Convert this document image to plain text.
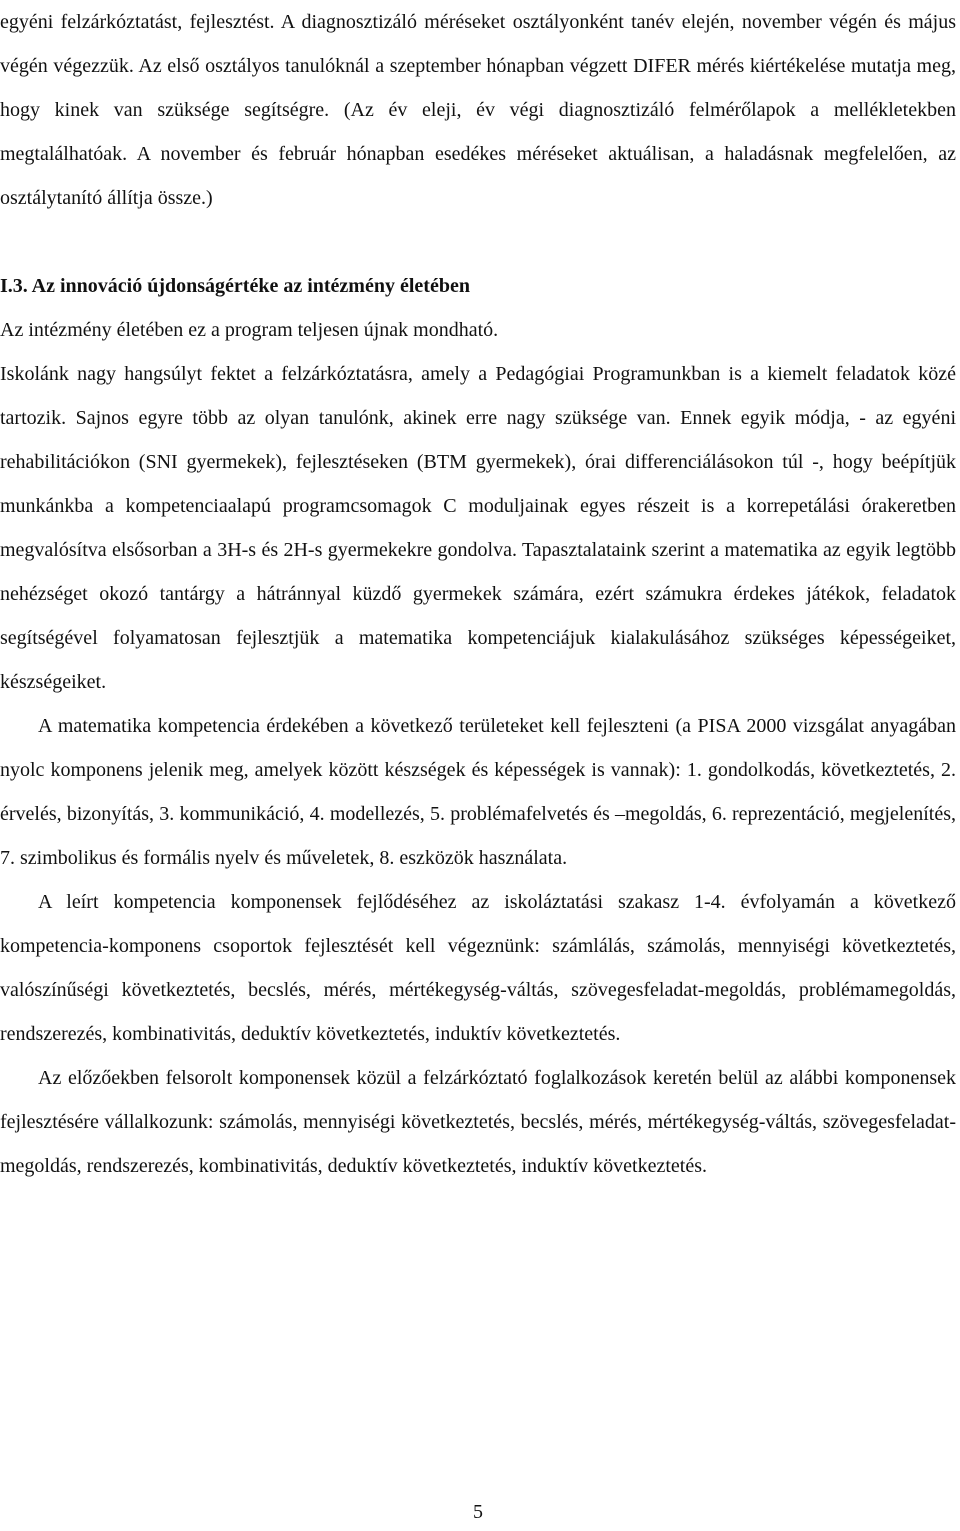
egyéni felzárkóztatást, fejlesztést. A diagnosztizáló méréseket osztályonként tanév elején, november végén és május végén végezzük. Az első osztályos tanulóknál a szeptember hónapban végzett DIFER mérés kiértékelése mutatja meg, hogy kinek van szüksége segítségre. (Az év eleji, év végi diagnosztizáló felmérőlapok a mellékletekben megtalálhatóak. A november és február hónapban esedékes méréseket aktuálisan, a haladásnak megfelelően, az osztálytanító állítja össze.)

I.3. Az innováció újdonságértéke az intézmény életében

Az intézmény életében ez a program teljesen újnak mondható.

Iskolánk nagy hangsúlyt fektet a felzárkóztatásra, amely a Pedagógiai Programunkban is a kiemelt feladatok közé tartozik. Sajnos egyre több az olyan tanulónk, akinek erre nagy szüksége van. Ennek egyik módja, - az egyéni rehabilitációkon (SNI gyermekek), fejlesztéseken (BTM gyermekek), órai differenciálásokon túl -, hogy beépítjük munkánkba a kompetenciaalapú programcsomagok C moduljainak egyes részeit is a korrepetálási órakeretben megvalósítva elsősorban a 3H-s és 2H-s gyermekekre gondolva. Tapasztalataink szerint a matematika az egyik legtöbb nehézséget okozó tantárgy a hátránnyal küzdő gyermekek számára, ezért számukra érdekes játékok, feladatok segítségével folyamatosan fejlesztjük a matematika kompetenciájuk kialakulásához szükséges képességeiket, készségeiket.

A matematika kompetencia érdekében a következő területeket kell fejleszteni (a PISA 2000 vizsgálat anyagában nyolc komponens jelenik meg, amelyek között készségek és képességek is vannak): 1. gondolkodás, következtetés, 2. érvelés, bizonyítás, 3. kommunikáció, 4. modellezés, 5. problémafelvetés és –megoldás, 6. reprezentáció, megjelenítés, 7. szimbolikus és formális nyelv és műveletek, 8. eszközök használata.

A leírt kompetencia komponensek fejlődéséhez az iskoláztatási szakasz 1-4. évfolyamán a következő kompetencia-komponens csoportok fejlesztését kell végeznünk: számlálás, számolás, mennyiségi következtetés, valószínűségi következtetés, becslés, mérés, mértékegység-váltás, szövegesfeladat-megoldás, problémamegoldás, rendszerezés, kombinativitás, deduktív következtetés, induktív következtetés.

Az előzőekben felsorolt komponensek közül a felzárkóztató foglalkozások keretén belül az alábbi komponensek fejlesztésére vállalkozunk: számolás, mennyiségi következtetés, becslés, mérés, mértékegység-váltás, szövegesfeladat-megoldás, rendszerezés, kombinativitás, deduktív következtetés, induktív következtetés.

5
